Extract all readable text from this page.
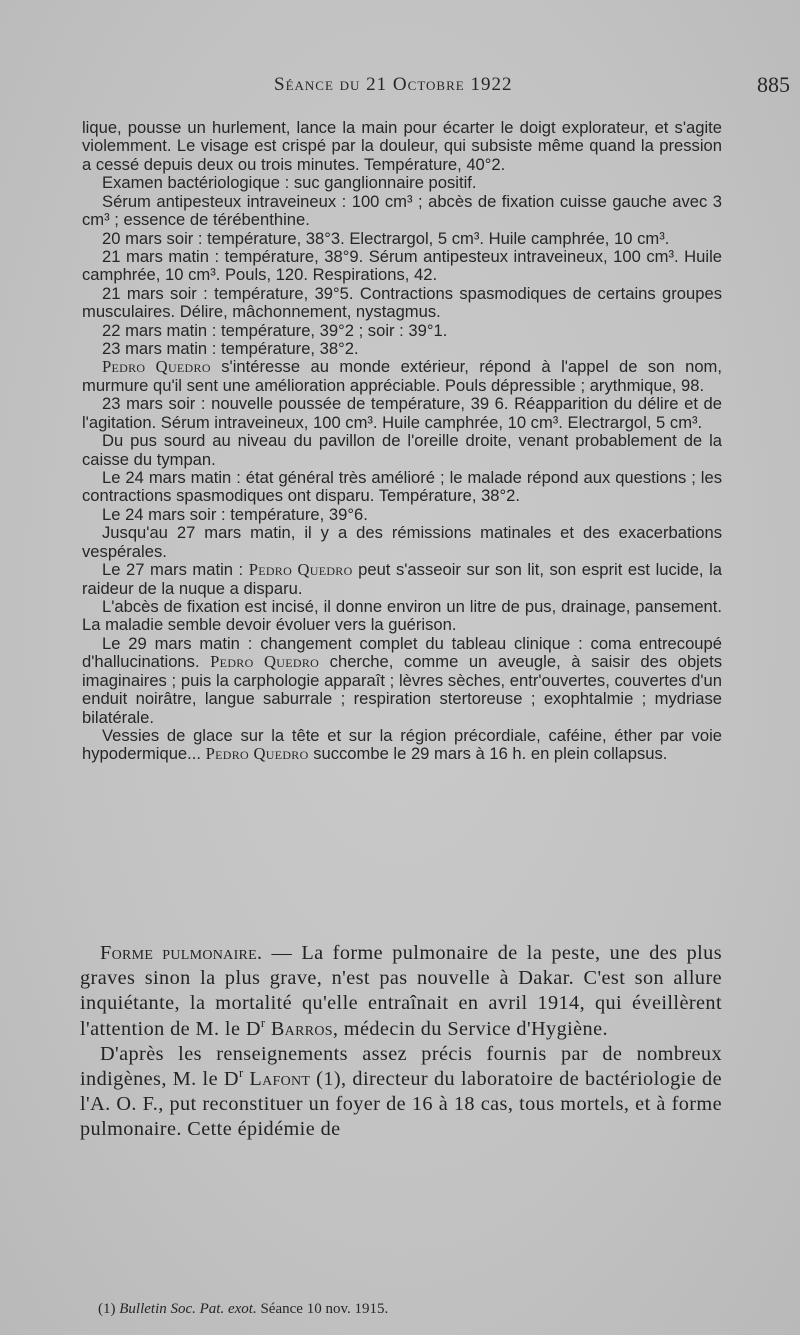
Séance du 21 Octobre 1922	885

lique, pousse un hurlement, lance la main pour écarter le doigt explorateur, et s'agite violemment. Le visage est crispé par la douleur, qui subsiste même quand la pression a cessé depuis deux ou trois minutes. Température, 40°2.

Examen bactériologique : suc ganglionnaire positif.

Sérum antipesteux intraveineux : 100 cm³ ; abcès de fixation cuisse gauche avec 3 cm³ ; essence de térébenthine.

20 mars soir : température, 38°3. Electrargol, 5 cm³. Huile camphrée, 10 cm³.

21 mars matin : température, 38°9. Sérum antipesteux intraveineux, 100 cm³. Huile camphrée, 10 cm³. Pouls, 120. Respirations, 42.

21 mars soir : température, 39°5. Contractions spasmodiques de certains groupes musculaires. Délire, mâchonnement, nystagmus.

22 mars matin : température, 39°2 ; soir : 39°1.

23 mars matin : température, 38°2.

Pedro Quedro s'intéresse au monde extérieur, répond à l'appel de son nom, murmure qu'il sent une amélioration appréciable. Pouls dépressible ; arythmique, 98.

23 mars soir : nouvelle poussée de température, 39 6. Réapparition du délire et de l'agitation. Sérum intraveineux, 100 cm³. Huile camphrée, 10 cm³. Electrargol, 5 cm³.

Du pus sourd au niveau du pavillon de l'oreille droite, venant probablement de la caisse du tympan.

Le 24 mars matin : état général très amélioré ; le malade répond aux questions ; les contractions spasmodiques ont disparu. Température, 38°2.

Le 24 mars soir : température, 39°6.

Jusqu'au 27 mars matin, il y a des rémissions matinales et des exacerbations vespérales.

Le 27 mars matin : Pedro Quedro peut s'asseoir sur son lit, son esprit est lucide, la raideur de la nuque a disparu.

L'abcès de fixation est incisé, il donne environ un litre de pus, drainage, pansement. La maladie semble devoir évoluer vers la guérison.

Le 29 mars matin : changement complet du tableau clinique : coma entrecoupé d'hallucinations. Pedro Quedro cherche, comme un aveugle, à saisir des objets imaginaires ; puis la carphologie apparaît ; lèvres sèches, entr'ouvertes, couvertes d'un enduit noirâtre, langue saburrale ; respiration stertoreuse ; exophtalmie ; mydriase bilatérale.

Vessies de glace sur la tête et sur la région précordiale, caféine, éther par voie hypodermique... Pedro Quedro succombe le 29 mars à 16 h. en plein collapsus.

Forme pulmonaire. — La forme pulmonaire de la peste, une des plus graves sinon la plus grave, n'est pas nouvelle à Dakar. C'est son allure inquiétante, la mortalité qu'elle entraînait en avril 1914, qui éveillèrent l'attention de M. le $D^r$ Barros, médecin du Service d'Hygiène.

D'après les renseignements assez précis fournis par de nombreux indigènes, M. le $D^r$ Lafont (1), directeur du laboratoire de bactériologie de l'A. O. F., put reconstituer un foyer de 16 à 18 cas, tous mortels, et à forme pulmonaire. Cette épidémie de

(1) Bulletin Soc. Pat. exot. Séance 10 nov. 1915.
